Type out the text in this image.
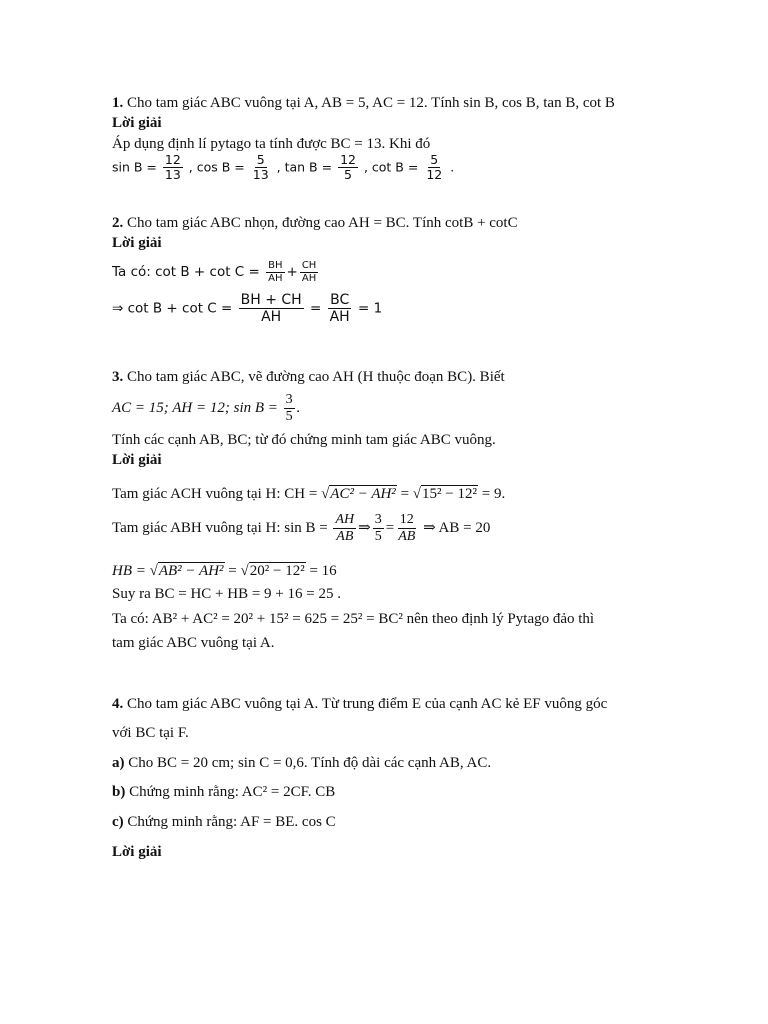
1. Cho tam giác ABC vuông tại A, AB = 5, AC = 12. Tính sin B, cos B, tan B, cot B
Lời giải
Áp dụng định lí pytago ta tính được BC = 13. Khi đó
$\sin B = \frac{12}{13}$ , $\cos B = \frac{5}{13}$ , $\tan B = \frac{12}{5}$ , $\cot B = \frac{5}{12}$ .
2. Cho tam giác ABC nhọn, đường cao AH = BC. Tính cotB + cotC
Lời giải
Ta có: $\cot B + \cot C = \frac{BH}{AH} + \frac{CH}{AH}$
⇒ $\cot B + \cot C = \frac{BH + CH}{AH} = \frac{BC}{AH} = 1$
3. Cho tam giác ABC, vẽ đường cao AH (H thuộc đoạn BC). Biết
AC = 15; AH = 12; $\sin B = \frac{3}{5}$ .
Tính các cạnh AB, BC; từ đó chứng minh tam giác ABC vuông.
Lời giải
Tam giác ACH vuông tại H: CH = √AC² − AH² = √15² − 12² = 9.
Tam giác ABH vuông tại H: $\sin B = \frac{AH}{AB}$ ⇒ $\frac{3}{5} = \frac{12}{AB}$ ⇒ AB = 20
HB = √AB² − AH² = √20² − 12² = 16
Suy ra BC = HC + HB = 9 + 16 = 25 .
Ta có: AB² + AC² = 20² + 15² = 625 = 25² = BC² nên theo định lý Pytago đảo thì
tam giác ABC vuông tại A.
4. Cho tam giác ABC vuông tại A. Từ trung điểm E của cạnh AC kẻ EF vuông góc
với BC tại F.
a) Cho BC = 20 cm; sin C = 0,6. Tính độ dài các cạnh AB, AC.
b) Chứng minh rằng: AC² = 2CF. CB
c) Chứng minh rằng: AF = BE. cos C
Lời giải
